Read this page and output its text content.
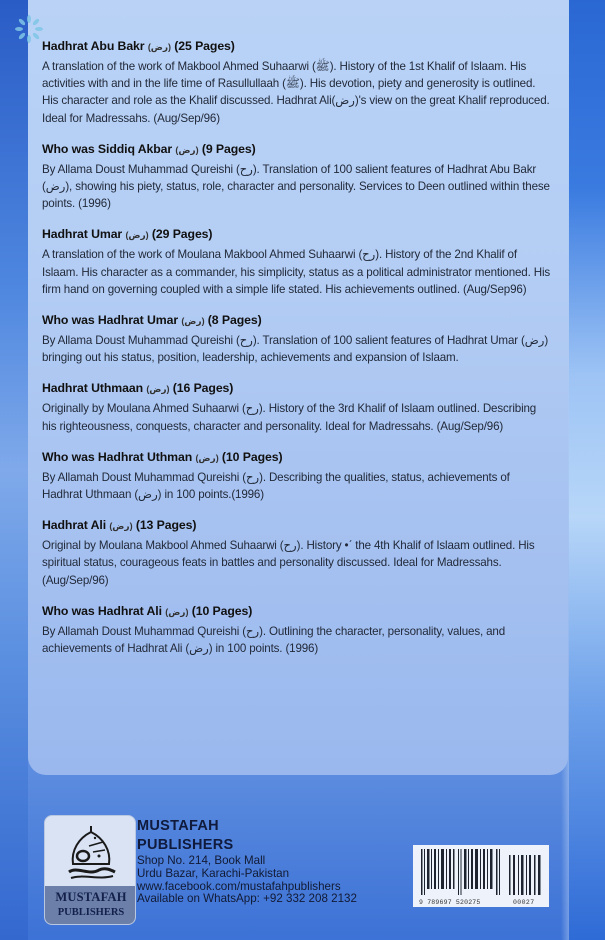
Hadhrat Abu Bakr (رض) (25 Pages)
A translation of the work of Makbool Ahmed Suhaarwi (ﷺ). History of the 1st Khalif of Islaam. His activities with and in the life time of Rasullullaah (ﷺ). His devotion, piety and generosity is outlined. His character and role as the Khalif discussed. Hadhrat Ali(رض)'s view on the great Khalif reproduced. Ideal for Madressahs. (Aug/Sep/96)
Who was Siddiq Akbar (رض) (9 Pages)
By Allama Doust Muhammad Qureishi (رح). Translation of 100 salient features of Hadhrat Abu Bakr (رض), showing his piety, status, role, character and personality. Services to Deen outlined within these points. (1996)
Hadhrat Umar (رض) (29 Pages)
A translation of the work of Moulana Makbool Ahmed Suhaarwi (رح). History of the 2nd Khalif of Islaam. His character as a commander, his simplicity, status as a political administrator mentioned. His firm hand on governing coupled with a simple life stated. His achievements outlined. (Aug/Sep96)
Who was Hadhrat Umar (رض) (8 Pages)
By Allama Doust Muhammad Qureishi (رح). Translation of 100 salient features of Hadhrat Umar (رض) bringing out his status, position, leadership, achievements and expansion of Islaam.
Hadhrat Uthmaan (رض) (16 Pages)
Originally by Moulana Ahmed Suhaarwi (رح). History of the 3rd Khalif of Islaam outlined. Describing his righteousness, conquests, character and personality. Ideal for Madressahs. (Aug/Sep/96)
Who was Hadhrat Uthman (رض) (10 Pages)
By Allamah Doust Muhammad Qureishi (رح). Describing the qualities, status, achievements of Hadhrat Uthmaan (رض) in 100 points.(1996)
Hadhrat Ali (رض) (13 Pages)
Original by Moulana Makbool Ahmed Suhaarwi (رح). History •ˊ the 4th Khalif of Islaam outlined. His spiritual status, courageous feats in battles and personality discussed. Ideal for Madressahs.(Aug/Sep/96)
Who was Hadhrat Ali (رض) (10 Pages)
By Allamah Doust Muhammad Qureishi (رح). Outlining the character, personality, values, and achievements of Hadhrat Ali (رض) in 100 points. (1996)
MUSTAFAH
PUBLISHERS
MUSTAFAH
PUBLISHERS
Shop No. 214, Book Mall
Urdu Bazar, Karachi-Pakistan
www.facebook.com/mustafahpublishers
Available on WhatsApp: +92 332 208 2132	9 789697 520275	00027
